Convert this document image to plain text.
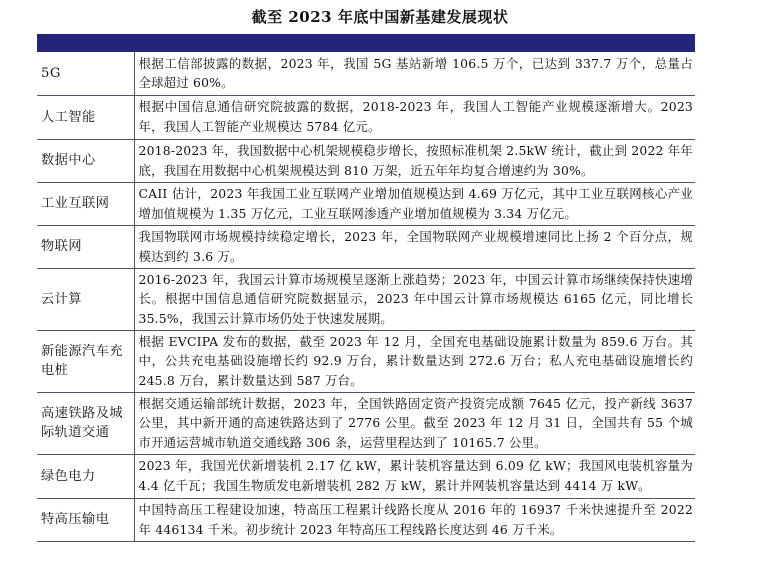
截至 2023 年底中国新基建发展现状
5G	根据工信部披露的数据，2023 年，我国 5G 基站新增 106.5 万个，已达到 337.7 万个，总量占全球超过 60%。
人工智能	根据中国信息通信研究院披露的数据，2018-2023 年，我国人工智能产业规模逐渐增大。2023 年，我国人工智能产业规模达 5784 亿元。
数据中心	2018-2023 年，我国数据中心机架规模稳步增长，按照标准机架 2.5kW 统计，截止到 2022 年年底，我国在用数据中心机架规模达到 810 万架，近五年年均复合增速约为 30%。
工业互联网	CAII 估计，2023 年我国工业互联网产业增加值规模达到 4.69 万亿元，其中工业互联网核心产业增加值规模为 1.35 万亿元，工业互联网渗透产业增加值规模为 3.34 万亿元。
物联网	我国物联网市场规模持续稳定增长，2023 年，全国物联网产业规模增速同比上扬 2 个百分点，规模达到约 3.6 万。
云计算	2016-2023 年，我国云计算市场规模呈逐渐上涨趋势；2023 年，中国云计算市场继续保持快速增长。根据中国信息通信研究院数据显示，2023 年中国云计算市场规模达 6165 亿元，同比增长 35.5%，我国云计算市场仍处于快速发展期。
新能源汽车充电桩	根据 EVCIPA 发布的数据，截至 2023 年 12 月，全国充电基础设施累计数量为 859.6 万台。其中，公共充电基础设施增长约 92.9 万台，累计数量达到 272.6 万台；私人充电基础设施增长约 245.8 万台，累计数量达到 587 万台。
高速铁路及城际轨道交通	根据交通运输部统计数据，2023 年，全国铁路固定资产投资完成额 7645 亿元，投产新线 3637 公里，其中新开通的高速铁路达到了 2776 公里。截至 2023 年 12 月 31 日，全国共有 55 个城市开通运营城市轨道交通线路 306 条，运营里程达到了 10165.7 公里。
绿色电力	2023 年，我国光伏新增装机 2.17 亿 kW，累计装机容量达到 6.09 亿 kW；我国风电装机容量为 4.4 亿千瓦；我国生物质发电新增装机 282 万 kW，累计并网装机容量达到 4414 万 kW。
特高压输电	中国特高压工程建设加速，特高压工程累计线路长度从 2016 年的 16937 千米快速提升至 2022 年 446134 千米。初步统计 2023 年特高压工程线路长度达到 46 万千米。
